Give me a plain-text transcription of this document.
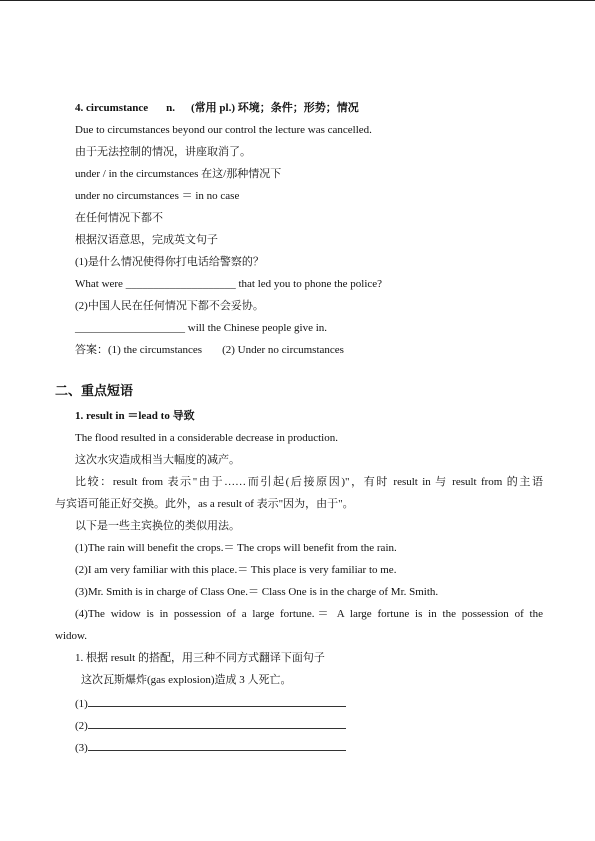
4. circumstance n. (常用 pl.) 环境；条件；形势；情况
Due to circumstances beyond our control the lecture was cancelled.
由于无法控制的情况，讲座取消了。
under / in the circumstances 在这/那种情况下
under no circumstances ＝ in no case
在任何情况下都不
根据汉语意思，完成英文句子
(1)是什么情况使得你打电话给警察的？
What were ____________________ that led you to phone the police?
(2)中国人民在任何情况下都不会妥协。
____________________ will the Chinese people give in.
答案：(1) the circumstances (2) Under no circumstances
二、重点短语
1. result in ＝lead to 导致
The flood resulted in a considerable decrease in production.
这次水灾造成相当大幅度的减产。
比较：result from 表示"由于……而引起(后接原因)"，有时 result in 与 result from 的主语
与宾语可能正好交换。此外，as a result of 表示"因为，由于"。
以下是一些主宾换位的类似用法。
(1)The rain will benefit the crops.＝ The crops will benefit from the rain.
(2)I am very familiar with this place.＝ This place is very familiar to me.
(3)Mr. Smith is in charge of Class One.＝ Class One is in the charge of Mr. Smith.
(4)The widow is in possession of a large fortune.＝ A large fortune is in the possession of the
widow.
1. 根据 result 的搭配，用三种不同方式翻译下面句子
这次瓦斯爆炸(gas explosion)造成 3 人死亡。
(1)
(2)
(3)
